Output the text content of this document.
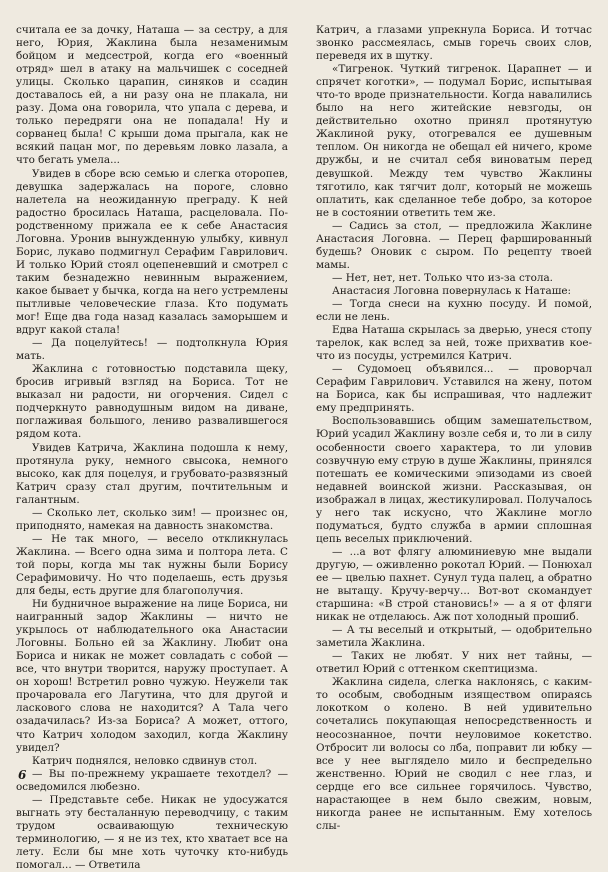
считала ее за дочку, Наташа — за сестру, а для него, Юрия, Жаклина была незаменимым бойцом и медсестрой, когда его «военный отряд» шел в атаку на мальчишек с соседней улицы. Сколько царапин, синяков и ссадин доставалось ей, а ни разу она не плакала, ни разу. Дома она говорила, что упала с дерева, и только передряги она не попадала! Ну и сорванец была! С крыши дома прыгала, как не всякий пацан мог, по деревьям ловко лазала, а что бегать умела...

Увидев в сборе всю семью и слегка оторопев, девушка задержалась на пороге, словно налетела на неожиданную преграду. К ней радостно бросилась Наташа, расцеловала. По-родственному прижала ее к себе Анастасия Логовна. Уронив вынужденную улыбку, кивнул Борис, лукаво подмигнул Серафим Гаврилович. И только Юрий стоял оцепеневший и смотрел с таким безнадежно невинным выражением, какое бывает у бычка, когда на него устремлены пытливые человеческие глаза. Кто подумать мог! Еще два года назад казалась заморышем и вдруг какой стала!

— Да поцелуйтесь! — подтолкнула Юрия мать.

Жаклина с готовностью подставила щеку, бросив игривый взгляд на Бориса. Тот не выказал ни радости, ни огорчения. Сидел с подчеркнуто равнодушным видом на диване, поглаживая большого, лениво развалившегося рядом кота.

Увидев Катрича, Жаклина подошла к нему, протянула руку, немного свысока, немного высоко, как для поцелуя, и грубовато-развязный Катрич сразу стал другим, почтительным и галантным.

— Сколько лет, сколько зим! — произнес он, приподнято, намекая на давность знакомства.

— Не так много, — весело откликнулась Жаклина. — Всего одна зима и полтора лета. С той поры, когда мы так нужны были Борису Серафимовичу. Но что поделаешь, есть друзья для беды, есть другие для благополучия.

Ни будничное выражение на лице Бориса, ни наигранный задор Жаклины — ничто не укрылось от наблюдательного ока Анастасии Логовны. Больно ей за Жаклину. Любит она Бориса и никак не может совладать с собой — все, что внутри творится, наружу проступает. А он хорош! Встретил ровно чужую. Неужели так прочаровала его Лагутина, что для другой и ласкового слова не находится? А Тала чего озадачилась? Из-за Бориса? А может, оттого, что Катрич холодом заходил, когда Жаклину увидел?

Катрич поднялся, неловко сдвинув стол.

— Вы по-прежнему украшаете техотдел? — осведомился любезно.

— Представьте себе. Никак не удосужатся выгнать эту бесталанную переводчицу, с таким трудом осваивающую техническую терминологию, — я не из тех, кто хватает все на лету. Если бы мне хоть чуточку кто-нибудь помогал... — Ответила

Катрич, а глазами упрекнула Бориса. И тотчас звонко рассмеялась, смыв горечь своих слов, переведя их в шутку.

«Тигренок. Чуткий тигренок. Царапнет — и спрячет коготки», — подумал Борис, испытывая что-то вроде признательности. Когда навалились было на него житейские невзгоды, он действительно охотно принял протянутую Жаклиной руку, отогревался ее душевным теплом. Он никогда не обещал ей ничего, кроме дружбы, и не считал себя виноватым перед девушкой. Между тем чувство Жаклины тяготило, как тягчит долг, который не можешь оплатить, как сделанное тебе добро, за которое не в состоянии ответить тем же.

— Садись за стол, — предложила Жаклине Анастасия Логовна. — Перец фаршированный будешь? Оновик с сыром. По рецепту твоей мамы.

— Нет, нет, нет. Только что из-за стола.

Анастасия Логовна повернулась к Наташе:

— Тогда снеси на кухню посуду. И помой, если не лень.

Едва Наташа скрылась за дверью, унеся стопу тарелок, как вслед за ней, тоже прихватив кое-что из посуды, устремился Катрич.

— Судомоец объявился... — проворчал Серафим Гаврилович. Уставился на жену, потом на Бориса, как бы испрашивая, что надлежит ему предпринять.

Воспользовавшись общим замешательством, Юрий усадил Жаклину возле себя и, то ли в силу особенности своего характера, то ли уловив созвучную ему струю в душе Жаклины, принялся потешать ее комическими эпизодами из своей недавней воинской жизни. Рассказывая, он изображал в лицах, жестикулировал. Получалось у него так искусно, что Жаклине могло подуматься, будто служба в армии сплошная цепь веселых приключений.

— ...а вот флягу алюминиевую мне выдали другую, — оживленно рокотал Юрий. — Понюхал ее — цвелью пахнет. Сунул туда палец, а обратно не вытащу. Кручу-верчу... Вот-вот скомандует старшина: «В строй становись!» — а я от фляги никак не отделаюсь. Аж пот холодный прошиб.

— А ты веселый и открытый, — одобрительно заметила Жаклина.

— Таких не любят. У них нет тайны, — ответил Юрий с оттенком скептицизма.

Жаклина сидела, слегка наклонясь, с каким-то особым, свободным изяществом опираясь локотком о колено. В ней удивительно сочетались покупающая непосредственность и неосознанное, почти неуловимое кокетство. Отбросит ли волосы со лба, поправит ли юбку — все у нее выглядело мило и беспредельно женственно. Юрий не сводил с нее глаз, и сердце его все сильнее горячилось. Чувство, нарастающее в нем было свежим, новым, никогда ранее не испытанным. Ему хотелось слы-

6
